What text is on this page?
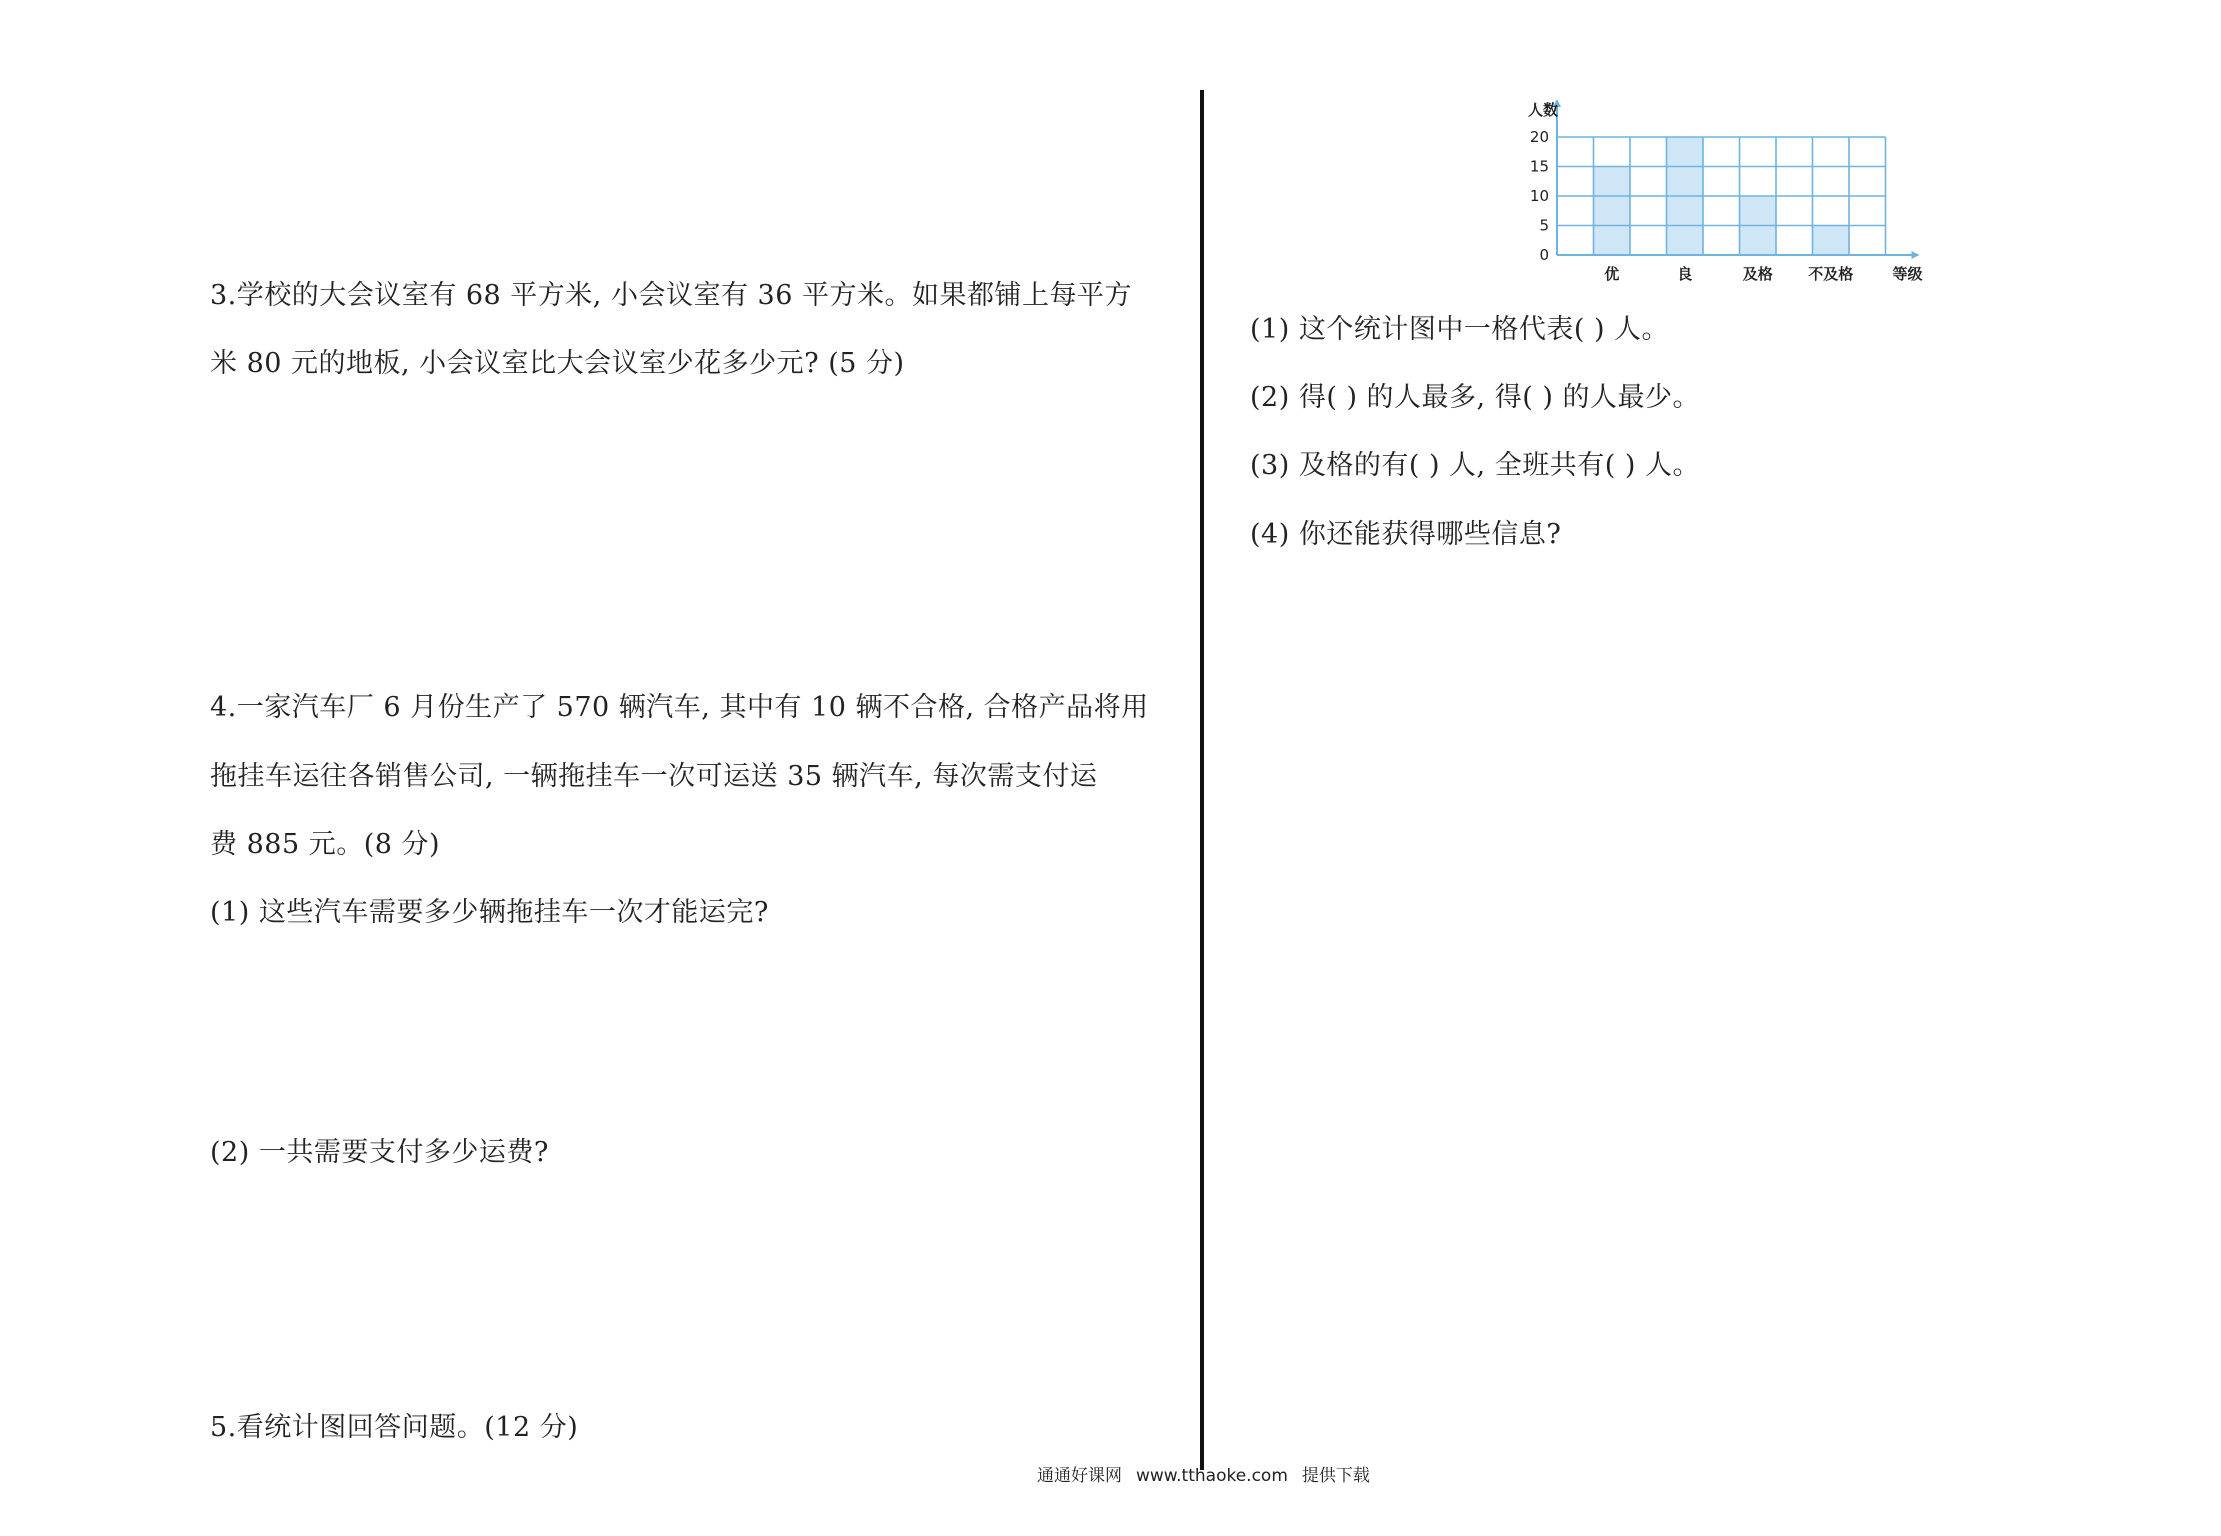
3.学校的大会议室有 68 平方米, 小会议室有 36 平方米。如果都铺上每平方
米 80 元的地板, 小会议室比大会议室少花多少元? (5 分)
4.一家汽车厂 6 月份生产了 570 辆汽车, 其中有 10 辆不合格, 合格产品将用
拖挂车运往各销售公司, 一辆拖挂车一次可运送 35 辆汽车, 每次需支付运
费 885 元。(8 分)
(1) 这些汽车需要多少辆拖挂车一次才能运完?
(2) 一共需要支付多少运费?
5.看统计图回答问题。(12 分)
0
5
10
15
20
人数
优	良	及格 不及格	等级
(1) 这个统计图中一格代表( ) 人。
(2) 得( ) 的人最多, 得( ) 的人最少。
(3) 及格的有( ) 人, 全班共有( ) 人。
(4) 你还能获得哪些信息?
通通好课网 www.tthaoke.com 提供下载
